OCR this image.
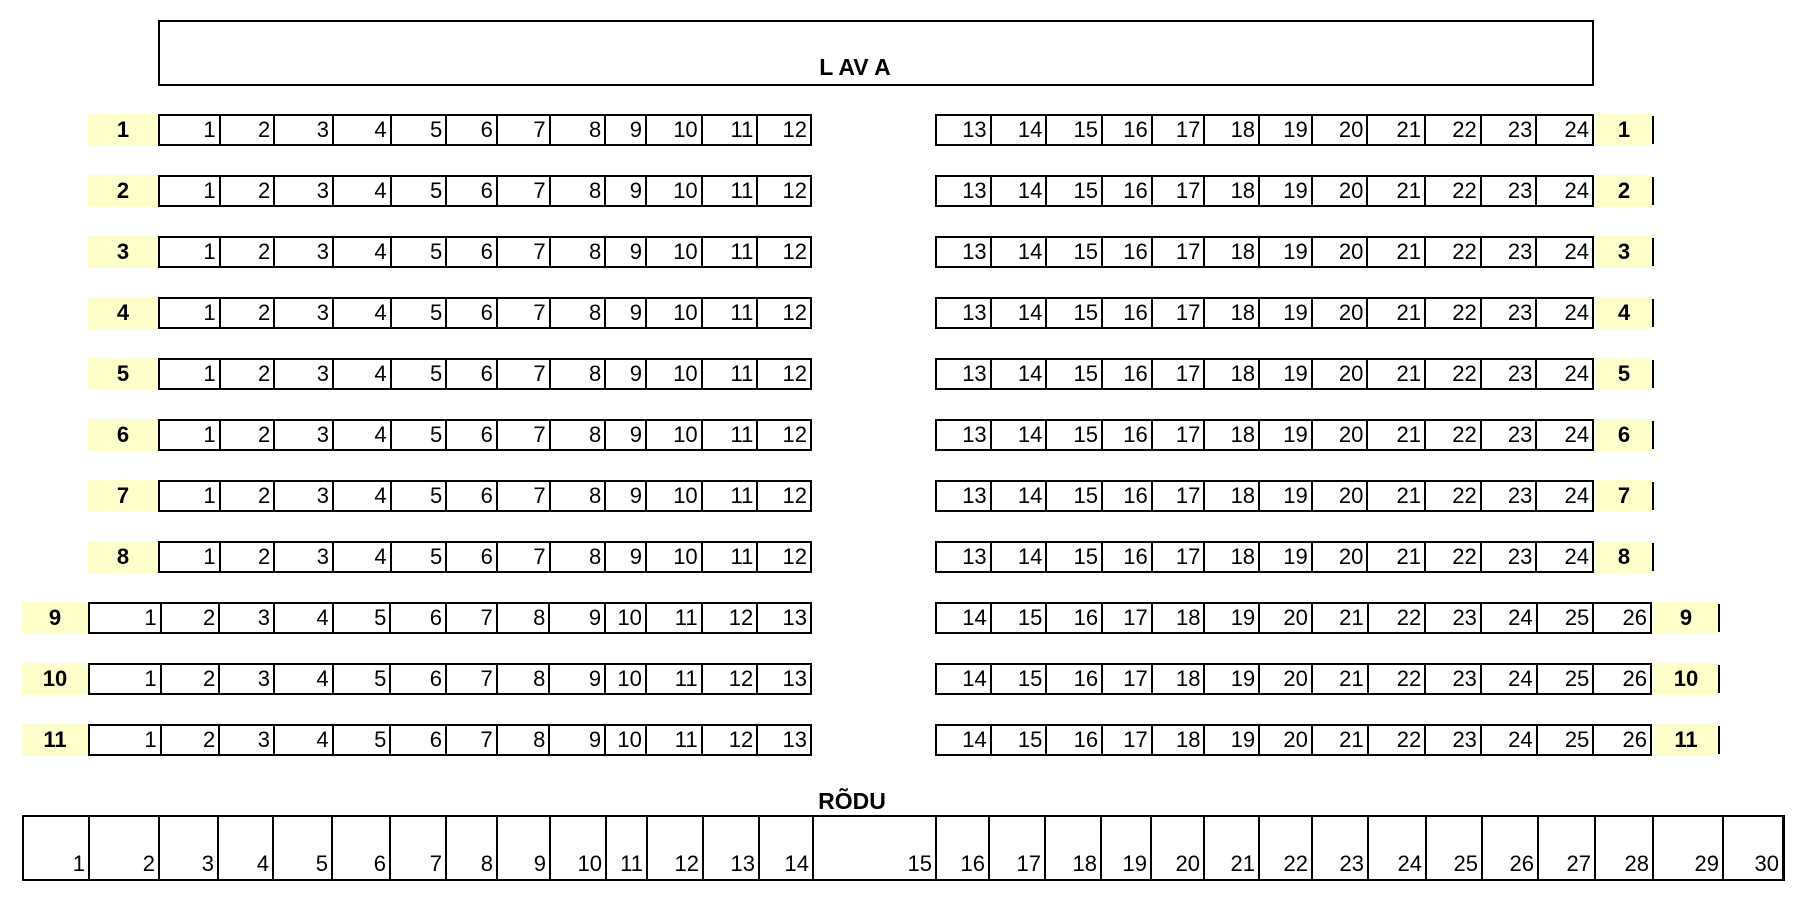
L AV A
1	1	2	3	4	5	6	7	8	9	10	11	12	13	14	15	16	17	18	19	20	21	22	23	24	1
2	1	2	3	4	5	6	7	8	9	10	11	12	13	14	15	16	17	18	19	20	21	22	23	24	2
3	1	2	3	4	5	6	7	8	9	10	11	12	13	14	15	16	17	18	19	20	21	22	23	24	3
4	1	2	3	4	5	6	7	8	9	10	11	12	13	14	15	16	17	18	19	20	21	22	23	24	4
5	1	2	3	4	5	6	7	8	9	10	11	12	13	14	15	16	17	18	19	20	21	22	23	24	5
6	1	2	3	4	5	6	7	8	9	10	11	12	13	14	15	16	17	18	19	20	21	22	23	24	6
7	1	2	3	4	5	6	7	8	9	10	11	12	13	14	15	16	17	18	19	20	21	22	23	24	7
8	1	2	3	4	5	6	7	8	9	10	11	12	13	14	15	16	17	18	19	20	21	22	23	24	8
9	1	2	3	4	5	6	7	8	9 10	11	12	13	14	15	16	17	18	19	20	21	22	23	24	25	26	9
10	1	2	3	4	5	6	7	8	9 10	11	12	13	14	15	16	17	18	19	20	21	22	23	24	25	26	10
11	1	2	3	4	5	6	7	8	9 10	11	12	13	14	15	16	17	18	19	20	21	22	23	24	25	26	11
RÕDU
1	2	3	4	5	6	7	8	9	10 11	12	13	14	15	16	17	18	19	20	21	22	23	24	25	26	27	28	29	30
